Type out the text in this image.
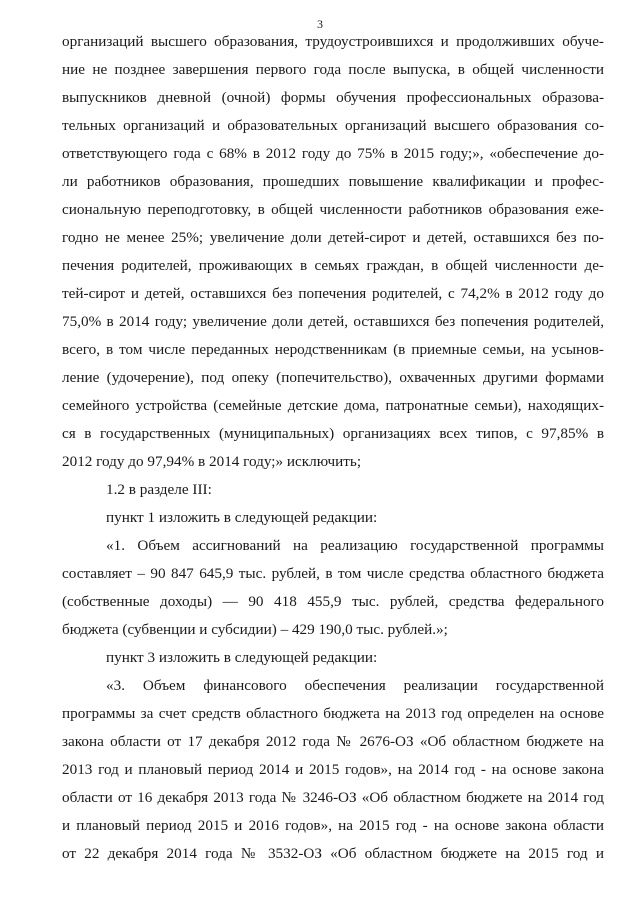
3
организаций высшего образования, трудоустроившихся и продолживших обуче-
ние не позднее завершения первого года после выпуска, в общей численности
выпускников дневной (очной) формы обучения профессиональных образова-
тельных организаций и образовательных организаций высшего образования со-
ответствующего года с 68% в 2012 году до 75% в 2015 году;», «обеспечение до-
ли работников образования, прошедших повышение квалификации и профес-
сиональную переподготовку, в общей численности работников образования еже-
годно не менее 25%; увеличение доли детей-сирот и детей, оставшихся без по-
печения родителей, проживающих в семьях граждан, в общей численности де-
тей-сирот и детей, оставшихся без попечения родителей, с 74,2% в 2012 году до
75,0% в 2014 году; увеличение доли детей, оставшихся без попечения родителей,
всего, в том числе переданных неродственникам (в приемные семьи, на усынов-
ление (удочерение), под опеку (попечительство), охваченных другими формами
семейного устройства (семейные детские дома, патронатные семьи), находящих-
ся в государственных (муниципальных) организациях всех типов, с 97,85% в
2012 году до 97,94% в 2014 году;» исключить;
1.2 в разделе III:
пункт 1 изложить в следующей редакции:
«1. Объем ассигнований на реализацию государственной программы
составляет – 90 847 645,9 тыс. рублей, в том числе средства областного бюджета
(собственные доходы) — 90 418 455,9 тыс. рублей, средства федерального
бюджета (субвенции и субсидии) – 429 190,0 тыс. рублей.»;
пункт 3 изложить в следующей редакции:
«3. Объем финансового обеспечения реализации государственной
программы за счет средств областного бюджета на 2013 год определен на основе
закона области от 17 декабря 2012 года № 2676-ОЗ «Об областном бюджете на
2013 год и плановый период 2014 и 2015 годов», на 2014 год - на основе закона
области от 16 декабря 2013 года № 3246-ОЗ «Об областном бюджете на 2014 год
и плановый период 2015 и 2016 годов», на 2015 год - на основе закона области
от 22 декабря 2014 года № 3532-ОЗ «Об областном бюджете на 2015 год и
